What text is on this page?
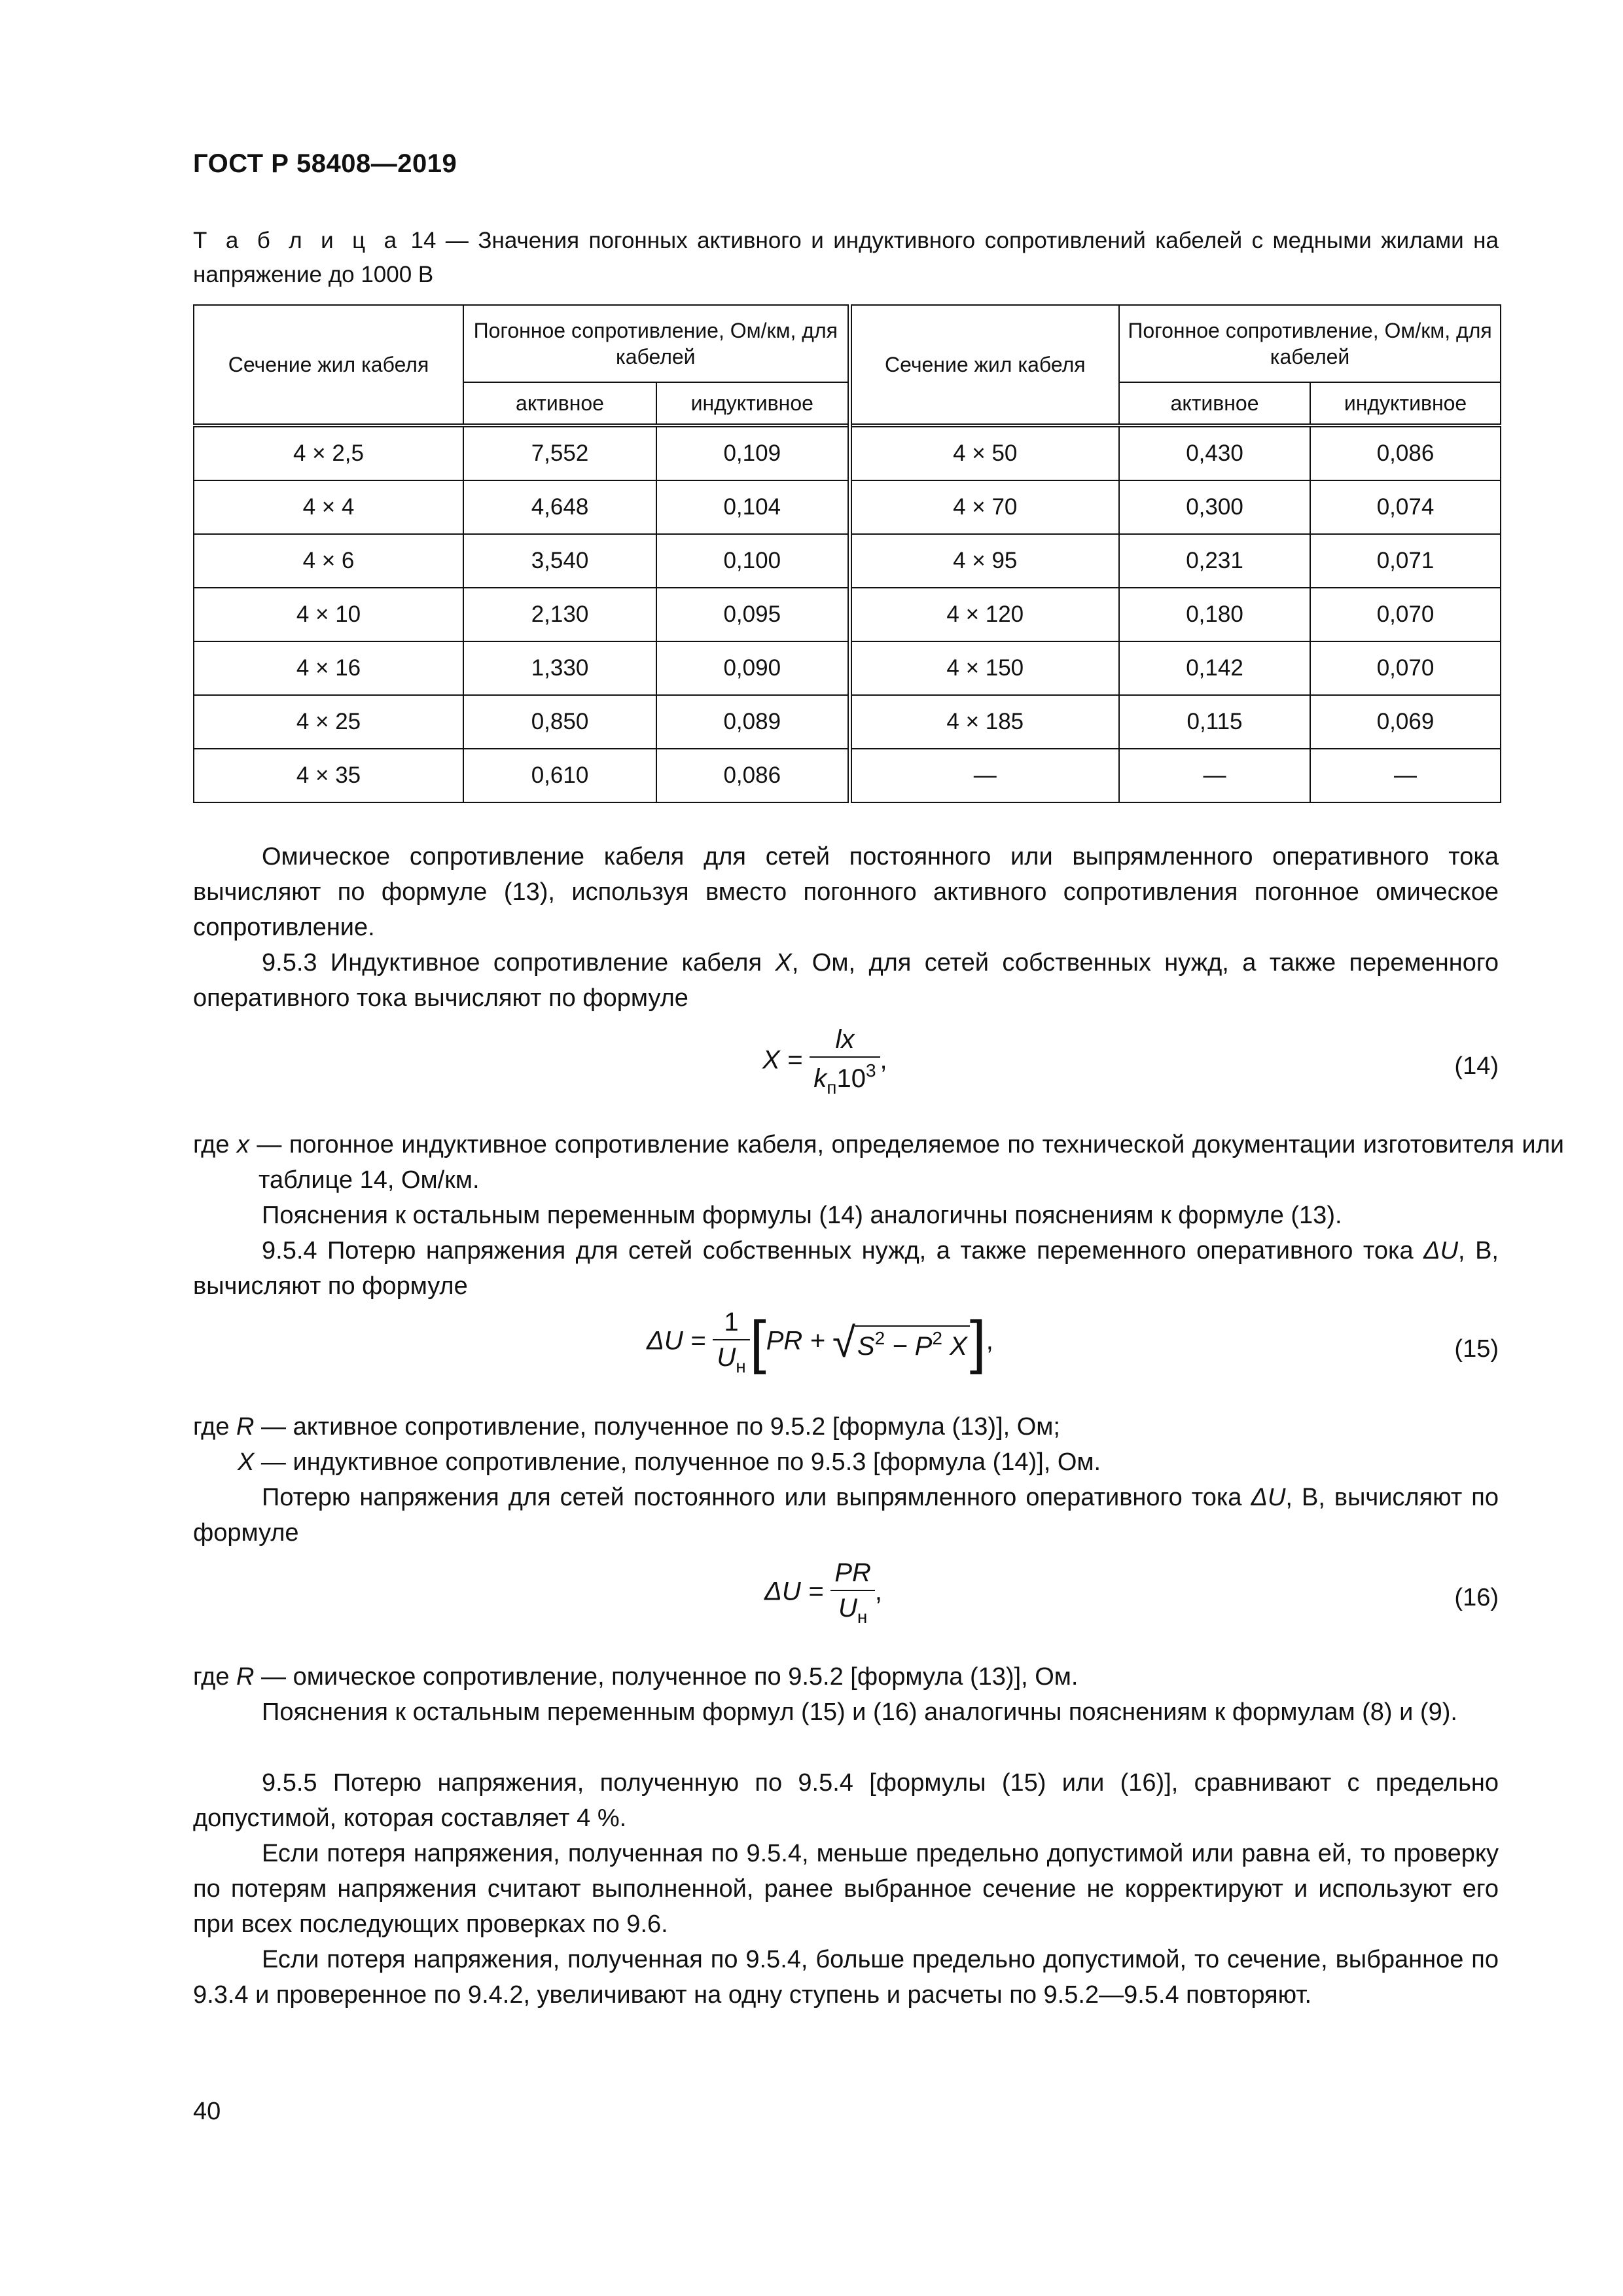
ГОСТ Р 58408—2019
Т а б л и ц а 14 — Значения погонных активного и индуктивного сопротивлений кабелей с медными жилами на напряжение до 1000 В
Сечение жил кабеля	Погонное сопротивление, Ом/км, для кабелей		Сечение жил кабеля	Погонное сопротивление, Ом/км, для кабелей	
	активное	индуктивное		активное	индуктивное
4 × 2,5	7,552	0,109	4 × 50	0,430	0,086
4 × 4	4,648	0,104	4 × 70	0,300	0,074
4 × 6	3,540	0,100	4 × 95	0,231	0,071
4 × 10	2,130	0,095	4 × 120	0,180	0,070
4 × 16	1,330	0,090	4 × 150	0,142	0,070
4 × 25	0,850	0,089	4 × 185	0,115	0,069
4 × 35	0,610	0,086	—	—	—
Омическое сопротивление кабеля для сетей постоянного или выпрямленного оперативного тока вычисляют по формуле (13), используя вместо погонного активного сопротивления погонное омическое сопротивление.
9.5.3 Индуктивное сопротивление кабеля X, Ом, для сетей собственных нужд, а также переменного оперативного тока вычисляют по формуле
$X = \frac{lx}{k_п10^3}$ ,	(14)
где x — погонное индуктивное сопротивление кабеля, определяемое по технической документации изготовителя или таблице 14, Ом/км.
Пояснения к остальным переменным формулы (14) аналогичны пояснениям к формуле (13).
9.5.4 Потерю напряжения для сетей собственных нужд, а также переменного оперативного тока ΔU, В, вычисляют по формуле
$\Delta U = \frac{1}{U_н} [PR$ + √ $S^2 - P^2$ X],	(15)
где R — активное сопротивление, полученное по 9.5.2 [формула (13)], Ом;
X — индуктивное сопротивление, полученное по 9.5.3 [формула (14)], Ом.
Потерю напряжения для сетей постоянного или выпрямленного оперативного тока ΔU, В, вычисляют по формуле
$\Delta U = \frac{PR}{U_н}$ ,	(16)
где R — омическое сопротивление, полученное по 9.5.2 [формула (13)], Ом.
Пояснения к остальным переменным формул (15) и (16) аналогичны пояснениям к формулам (8) и (9).
9.5.5 Потерю напряжения, полученную по 9.5.4 [формулы (15) или (16)], сравнивают с предельно допустимой, которая составляет 4 %.
Если потеря напряжения, полученная по 9.5.4, меньше предельно допустимой или равна ей, то проверку по потерям напряжения считают выполненной, ранее выбранное сечение не корректируют и используют его при всех последующих проверках по 9.6.
Если потеря напряжения, полученная по 9.5.4, больше предельно допустимой, то сечение, выбранное по 9.3.4 и проверенное по 9.4.2, увеличивают на одну ступень и расчеты по 9.5.2—9.5.4 повторяют.
40
